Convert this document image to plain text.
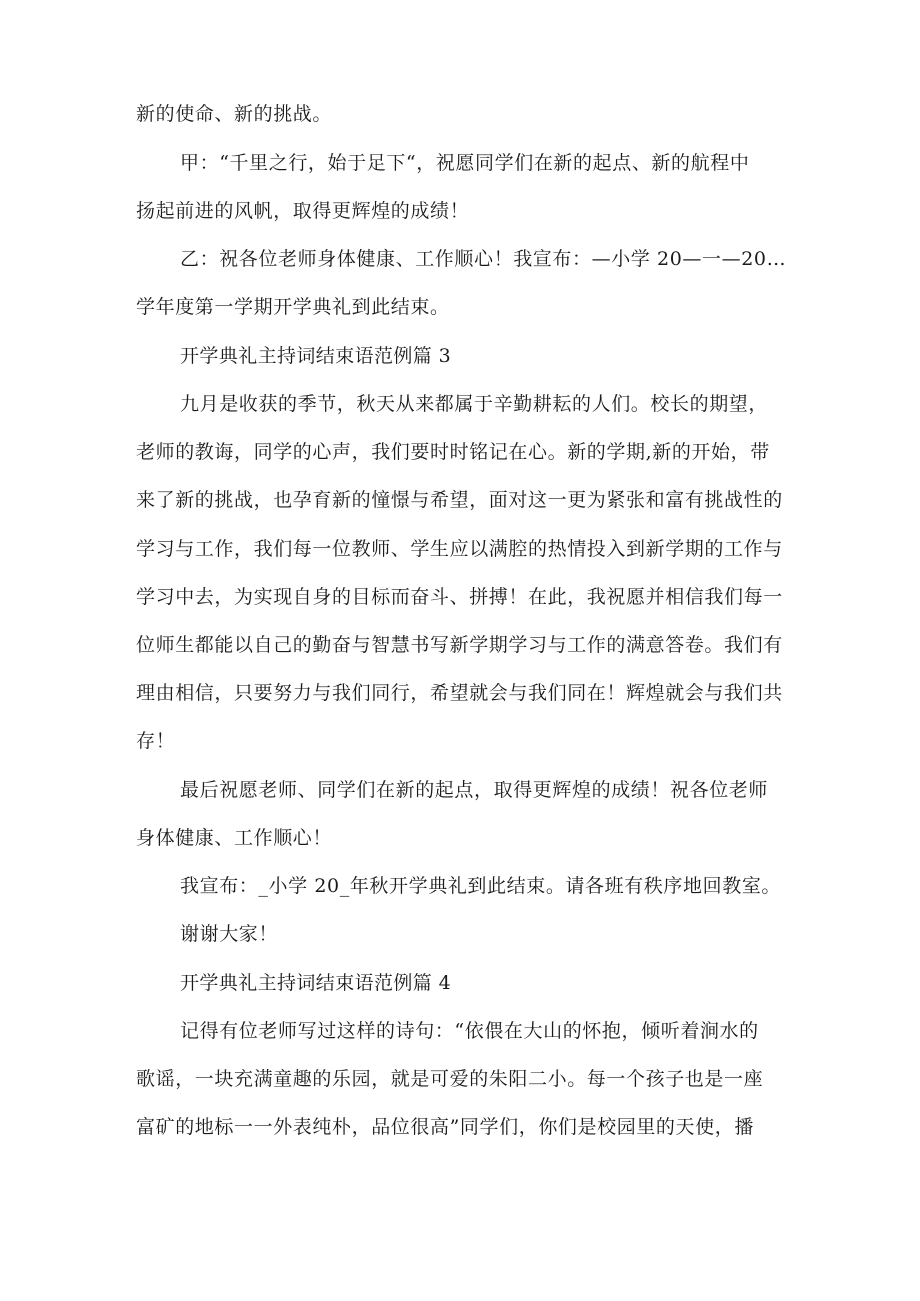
新的使命、新的挑战。
甲：“千里之行，始于足下“，祝愿同学们在新的起点、新的航程中
扬起前进的风帆，取得更辉煌的成绩！
乙：祝各位老师身体健康、工作顺心！我宣布：—小学 20—一—20…
学年度第一学期开学典礼到此结束。
开学典礼主持词结束语范例篇 3
九月是收获的季节，秋天从来都属于辛勤耕耘的人们。校长的期望，
老师的教诲，同学的心声，我们要时时铭记在心。新的学期,新的开始，带
来了新的挑战，也孕育新的憧憬与希望，面对这一更为紧张和富有挑战性的
学习与工作，我们每一位教师、学生应以满腔的热情投入到新学期的工作与
学习中去，为实现自身的目标而奋斗、拼搏！在此，我祝愿并相信我们每一
位师生都能以自己的勤奋与智慧书写新学期学习与工作的满意答卷。我们有
理由相信，只要努力与我们同行，希望就会与我们同在！辉煌就会与我们共
存！
最后祝愿老师、同学们在新的起点，取得更辉煌的成绩！祝各位老师
身体健康、工作顺心！
我宣布：_小学 20_年秋开学典礼到此结束。请各班有秩序地回教室。
谢谢大家！
开学典礼主持词结束语范例篇 4
记得有位老师写过这样的诗句：“依偎在大山的怀抱，倾听着涧水的
歌谣，一块充满童趣的乐园，就是可爱的朱阳二小。每一个孩子也是一座
富矿的地标一一外表纯朴，品位很高”同学们，你们是校园里的天使，播
